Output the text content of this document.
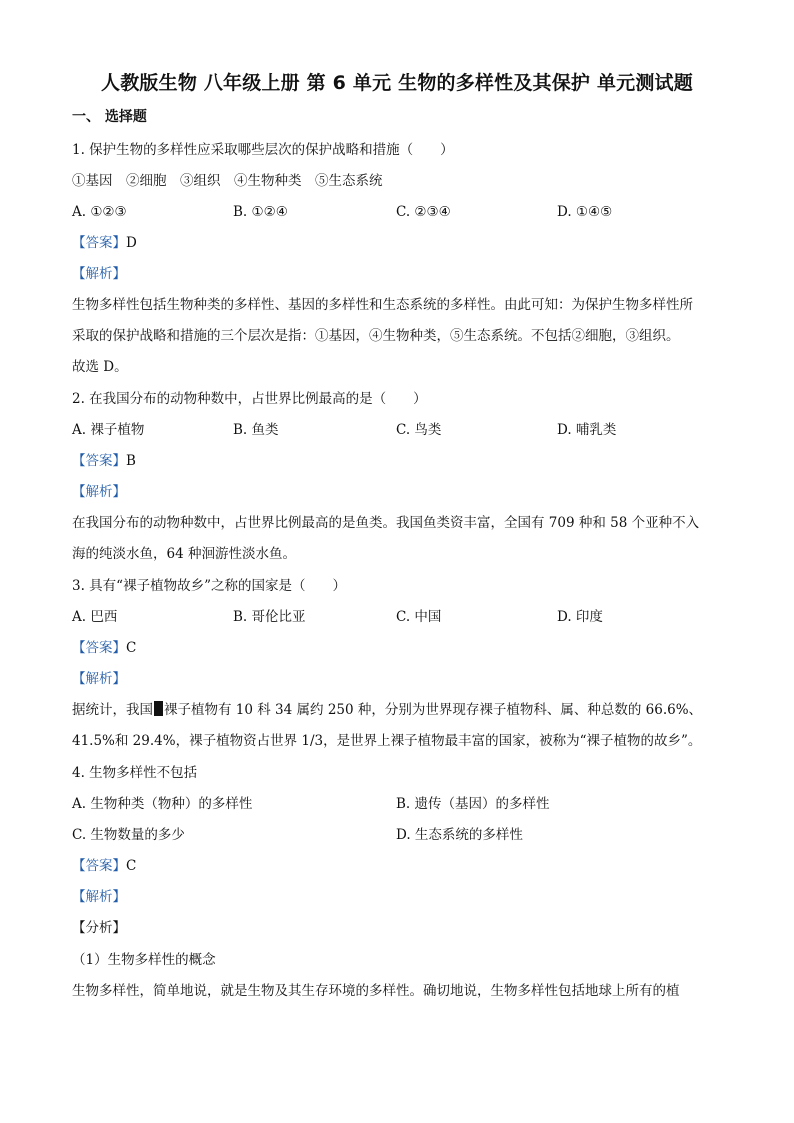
人教版生物 八年级上册 第 6 单元 生物的多样性及其保护 单元测试题
一、 选择题
1. 保护生物的多样性应采取哪些层次的保护战略和措施（　　）
①基因　②细胞　③组织　④生物种类　⑤生态系统
A. ①②③	B. ①②④	C. ②③④	D. ①④⑤
【答案】D
【解析】
生物多样性包括生物种类的多样性、基因的多样性和生态系统的多样性。由此可知：为保护生物多样性所
采取的保护战略和措施的三个层次是指：①基因，④生物种类，⑤生态系统。不包括②细胞，③组织。
故选 D。
2. 在我国分布的动物种数中，占世界比例最高的是（　　）
A. 裸子植物	B. 鱼类	C. 鸟类	D. 哺乳类
【答案】B
【解析】
在我国分布的动物种数中，占世界比例最高的是鱼类。我国鱼类资丰富，全国有 709 种和 58 个亚种不入
海的纯淡水鱼，64 种洄游性淡水鱼。
3. 具有“裸子植物故乡”之称的国家是（　　）
A. 巴西	B. 哥伦比亚	C. 中国	D. 印度
【答案】C
【解析】
据统计，我国 裸子植物有 10 科 34 属约 250 种，分别为世界现存裸子植物科、属、种总数的 66.6%、
41.5%和 29.4%，裸子植物资占世界 1/3，是世界上裸子植物最丰富的国家，被称为“裸子植物的故乡”。
4. 生物多样性不包括
A. 生物种类（物种）的多样性	B. 遗传（基因）的多样性
C. 生物数量的多少	D. 生态系统的多样性
【答案】C
【解析】
【分析】
（1）生物多样性的概念
生物多样性，简单地说，就是生物及其生存环境的多样性。确切地说，生物多样性包括地球上所有的植
